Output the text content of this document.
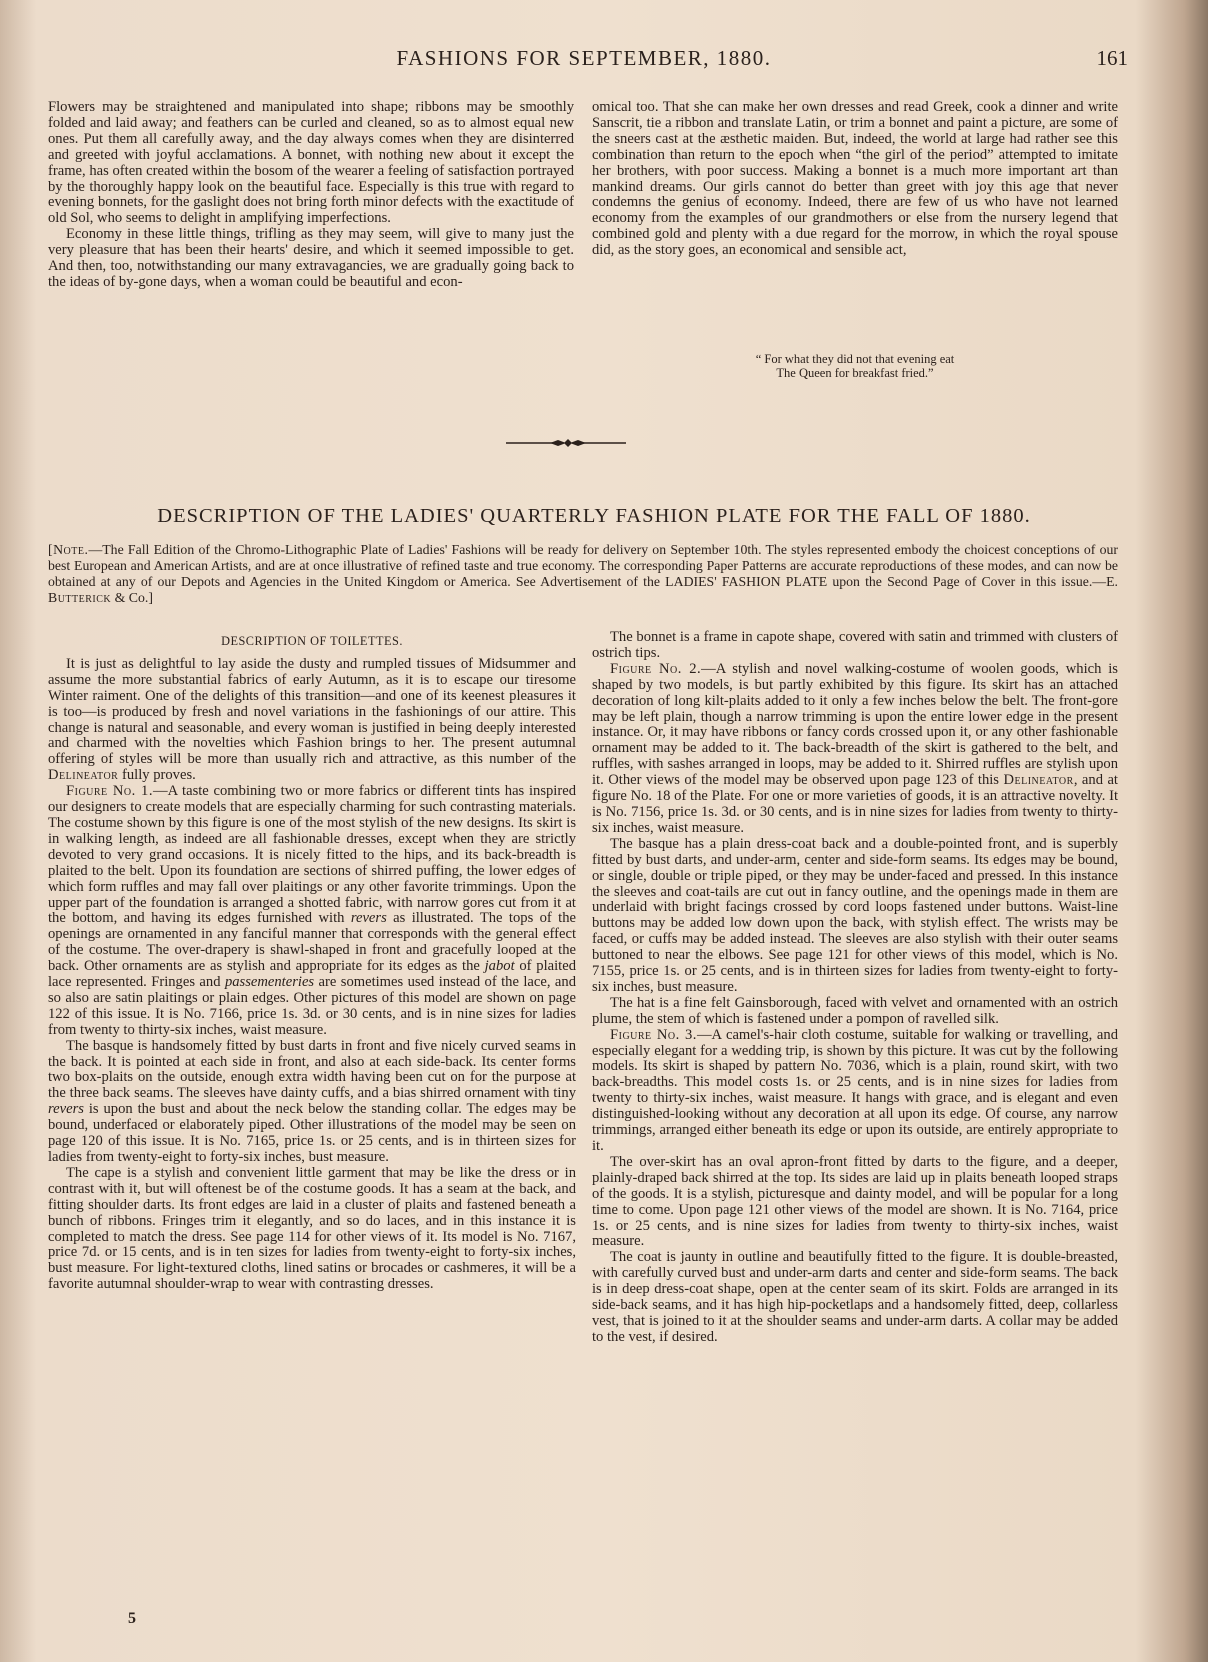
FASHIONS FOR SEPTEMBER, 1880.	161

Flowers may be straightened and manipulated into shape; ribbons may be smoothly folded and laid away; and feathers can be curled and cleaned, so as to almost equal new ones. Put them all carefully away, and the day always comes when they are disinterred and greeted with joyful acclamations. A bonnet, with nothing new about it except the frame, has often created within the bosom of the wearer a feeling of satisfaction portrayed by the thoroughly happy look on the beautiful face. Especially is this true with regard to evening bonnets, for the gaslight does not bring forth minor defects with the exactitude of old Sol, who seems to delight in amplifying imperfections.

Economy in these little things, trifling as they may seem, will give to many just the very pleasure that has been their hearts' desire, and which it seemed impossible to get. And then, too, notwithstanding our many extravagancies, we are gradually going back to the ideas of by-gone days, when a woman could be beautiful and econ-

omical too. That she can make her own dresses and read Greek, cook a dinner and write Sanscrit, tie a ribbon and translate Latin, or trim a bonnet and paint a picture, are some of the sneers cast at the æsthetic maiden. But, indeed, the world at large had rather see this combination than return to the epoch when “the girl of the period” attempted to imitate her brothers, with poor success. Making a bonnet is a much more important art than mankind dreams. Our girls cannot do better than greet with joy this age that never condemns the genius of economy. Indeed, there are few of us who have not learned economy from the examples of our grandmothers or else from the nursery legend that combined gold and plenty with a due regard for the morrow, in which the royal spouse did, as the story goes, an economical and sensible act,

“ For what they did not that evening eat
The Queen for breakfast fried.”
DESCRIPTION OF THE LADIES' QUARTERLY FASHION PLATE FOR THE FALL OF 1880.
[Note.—The Fall Edition of the Chromo-Lithographic Plate of Ladies' Fashions will be ready for delivery on September 10th. The styles represented embody the choicest conceptions of our best European and American Artists, and are at once illustrative of refined taste and true economy. The corresponding Paper Patterns are accurate reproductions of these modes, and can now be obtained at any of our Depots and Agencies in the United Kingdom or America. See Advertisement of the LADIES' FASHION PLATE upon the Second Page of Cover in this issue.—E. Butterick & Co.]
DESCRIPTION OF TOILETTES.

It is just as delightful to lay aside the dusty and rumpled tissues of Midsummer and assume the more substantial fabrics of early Autumn, as it is to escape our tiresome Winter raiment. One of the delights of this transition—and one of its keenest pleasures it is too—is produced by fresh and novel variations in the fashionings of our attire. This change is natural and seasonable, and every woman is justified in being deeply interested and charmed with the novelties which Fashion brings to her. The present autumnal offering of styles will be more than usually rich and attractive, as this number of the Delineator fully proves.

Figure No. 1.—A taste combining two or more fabrics or different tints has inspired our designers to create models that are especially charming for such contrasting materials. The costume shown by this figure is one of the most stylish of the new designs. Its skirt is in walking length, as indeed are all fashionable dresses, except when they are strictly devoted to very grand occasions. It is nicely fitted to the hips, and its back-breadth is plaited to the belt. Upon its foundation are sections of shirred puffing, the lower edges of which form ruffles and may fall over plaitings or any other favorite trimmings. Upon the upper part of the foundation is arranged a shotted fabric, with narrow gores cut from it at the bottom, and having its edges furnished with revers as illustrated. The tops of the openings are ornamented in any fanciful manner that corresponds with the general effect of the costume. The over-drapery is shawl-shaped in front and gracefully looped at the back. Other ornaments are as stylish and appropriate for its edges as the jabot of plaited lace represented. Fringes and passementeries are sometimes used instead of the lace, and so also are satin plaitings or plain edges. Other pictures of this model are shown on page 122 of this issue. It is No. 7166, price 1s. 3d. or 30 cents, and is in nine sizes for ladies from twenty to thirty-six inches, waist measure.

The basque is handsomely fitted by bust darts in front and five nicely curved seams in the back. It is pointed at each side in front, and also at each side-back. Its center forms two box-plaits on the outside, enough extra width having been cut on for the purpose at the three back seams. The sleeves have dainty cuffs, and a bias shirred ornament with tiny revers is upon the bust and about the neck below the standing collar. The edges may be bound, underfaced or elaborately piped. Other illustrations of the model may be seen on page 120 of this issue. It is No. 7165, price 1s. or 25 cents, and is in thirteen sizes for ladies from twenty-eight to forty-six inches, bust measure.

The cape is a stylish and convenient little garment that may be like the dress or in contrast with it, but will oftenest be of the costume goods. It has a seam at the back, and fitting shoulder darts. Its front edges are laid in a cluster of plaits and fastened beneath a bunch of ribbons. Fringes trim it elegantly, and so do laces, and in this instance it is completed to match the dress. See page 114 for other views of it. Its model is No. 7167, price 7d. or 15 cents, and is in ten sizes for ladies from twenty-eight to forty-six inches, bust measure. For light-textured cloths, lined satins or brocades or cashmeres, it will be a favorite autumnal shoulder-wrap to wear with contrasting dresses.

The bonnet is a frame in capote shape, covered with satin and trimmed with clusters of ostrich tips.

Figure No. 2.—A stylish and novel walking-costume of woolen goods, which is shaped by two models, is but partly exhibited by this figure. Its skirt has an attached decoration of long kilt-plaits added to it only a few inches below the belt. The front-gore may be left plain, though a narrow trimming is upon the entire lower edge in the present instance. Or, it may have ribbons or fancy cords crossed upon it, or any other fashionable ornament may be added to it. The back-breadth of the skirt is gathered to the belt, and ruffles, with sashes arranged in loops, may be added to it. Shirred ruffles are stylish upon it. Other views of the model may be observed upon page 123 of this Delineator, and at figure No. 18 of the Plate. For one or more varieties of goods, it is an attractive novelty. It is No. 7156, price 1s. 3d. or 30 cents, and is in nine sizes for ladies from twenty to thirty-six inches, waist measure.

The basque has a plain dress-coat back and a double-pointed front, and is superbly fitted by bust darts, and under-arm, center and side-form seams. Its edges may be bound, or single, double or triple piped, or they may be under-faced and pressed. In this instance the sleeves and coat-tails are cut out in fancy outline, and the openings made in them are underlaid with bright facings crossed by cord loops fastened under buttons. Waist-line buttons may be added low down upon the back, with stylish effect. The wrists may be faced, or cuffs may be added instead. The sleeves are also stylish with their outer seams buttoned to near the elbows. See page 121 for other views of this model, which is No. 7155, price 1s. or 25 cents, and is in thirteen sizes for ladies from twenty-eight to forty-six inches, bust measure.

The hat is a fine felt Gainsborough, faced with velvet and ornamented with an ostrich plume, the stem of which is fastened under a pompon of ravelled silk.

Figure No. 3.—A camel's-hair cloth costume, suitable for walking or travelling, and especially elegant for a wedding trip, is shown by this picture. It was cut by the following models. Its skirt is shaped by pattern No. 7036, which is a plain, round skirt, with two back-breadths. This model costs 1s. or 25 cents, and is in nine sizes for ladies from twenty to thirty-six inches, waist measure. It hangs with grace, and is elegant and even distinguished-looking without any decoration at all upon its edge. Of course, any narrow trimmings, arranged either beneath its edge or upon its outside, are entirely appropriate to it.

The over-skirt has an oval apron-front fitted by darts to the figure, and a deeper, plainly-draped back shirred at the top. Its sides are laid up in plaits beneath looped straps of the goods. It is a stylish, picturesque and dainty model, and will be popular for a long time to come. Upon page 121 other views of the model are shown. It is No. 7164, price 1s. or 25 cents, and is nine sizes for ladies from twenty to thirty-six inches, waist measure.

The coat is jaunty in outline and beautifully fitted to the figure. It is double-breasted, with carefully curved bust and under-arm darts and center and side-form seams. The back is in deep dress-coat shape, open at the center seam of its skirt. Folds are arranged in its side-back seams, and it has high hip-pocketlaps and a handsomely fitted, deep, collarless vest, that is joined to it at the shoulder seams and under-arm darts. A collar may be added to the vest, if desired.

5
